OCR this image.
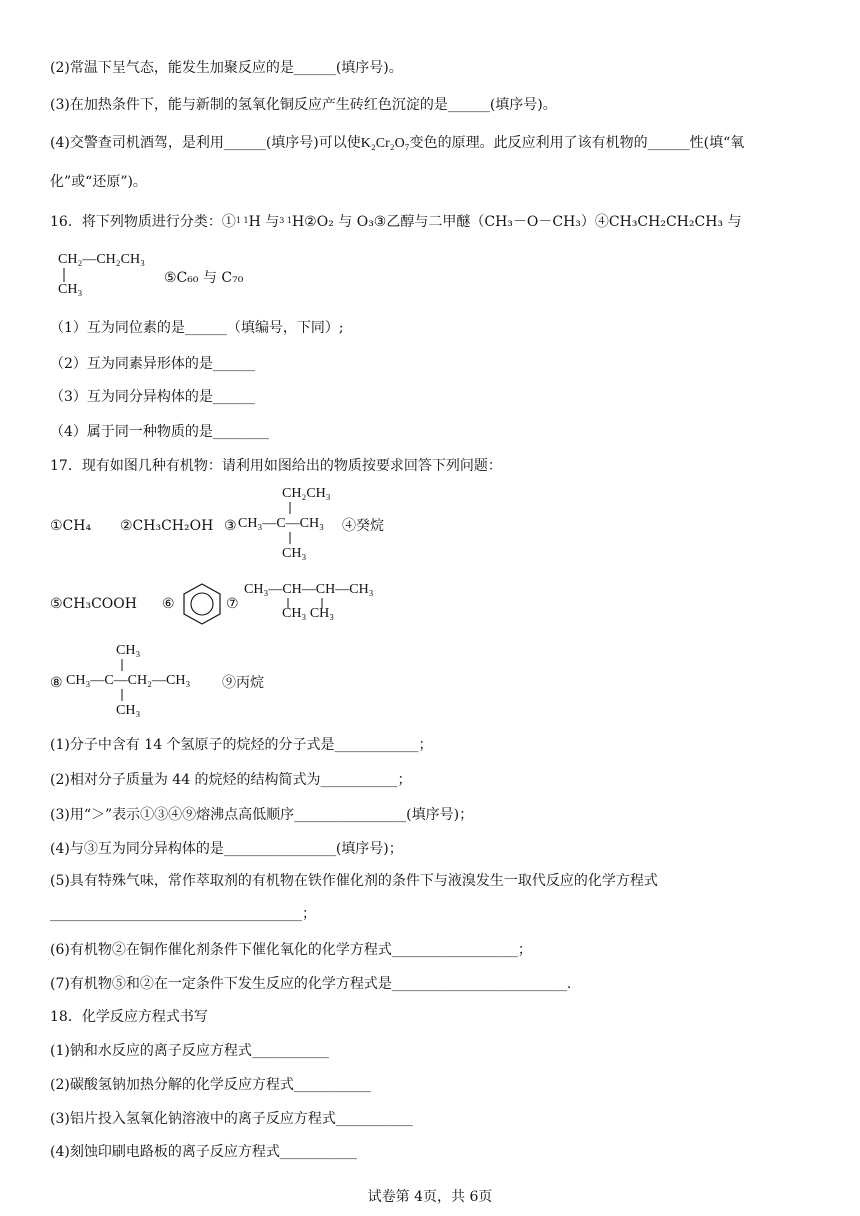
(2)常温下呈气态，能发生加聚反应的是______(填序号)。
(3)在加热条件下，能与新制的氢氧化铜反应产生砖红色沉淀的是______(填序号)。
(4)交警查司机酒驾，是利用______(填序号)可以使K₂Cr₂O₇变色的原理。此反应利用了该有机物的______性(填“氧
化”或“还原”)。
16．将下列物质进行分类：①$^{1 1}$H 与$^{3 1}$H②O₂ 与 O₃③乙醇与二甲醚（CH₃－O－CH₃）④CH₃CH₂CH₂CH₃ 与
CH₂—CH₂CH₃
CH₃
⑤C₆₀ 与 C₇₀
（1）互为同位素的是______（填编号，下同）;
（2）互为同素异形体的是______
（3）互为同分异构体的是______
（4）属于同一种物质的是________
17．现有如图几种有机物：请利用如图给出的物质按要求回答下列问题：
①CH₄ ②CH₃CH₂OH ③
CH₂CH₃
CH₃—C—CH₃
CH₃
④癸烷
⑤CH₃COOH ⑥	⑦
CH₃—CH—CH—CH₃
CH₃ CH₃
⑧
CH₃
CH₃—C—CH₂—CH₃
CH₃
⑨丙烷
(1)分子中含有 14 个氢原子的烷烃的分子式是____________；
(2)相对分子质量为 44 的烷烃的结构简式为___________；
(3)用“＞”表示①③④⑨熔沸点高低顺序________________(填序号)；
(4)与③互为同分异构体的是________________(填序号)；
(5)具有特殊气味，常作萃取剂的有机物在铁作催化剂的条件下与液溴发生一取代反应的化学方程式
____________________________________；
(6)有机物②在铜作催化剂条件下催化氧化的化学方程式__________________；
(7)有机物⑤和②在一定条件下发生反应的化学方程式是_________________________.
18．化学反应方程式书写
(1)钠和水反应的离子反应方程式___________
(2)碳酸氢钠加热分解的化学反应方程式___________
(3)铝片投入氢氧化钠溶液中的离子反应方程式___________
(4)刻蚀印刷电路板的离子反应方程式___________
试卷第 4页，共 6页
